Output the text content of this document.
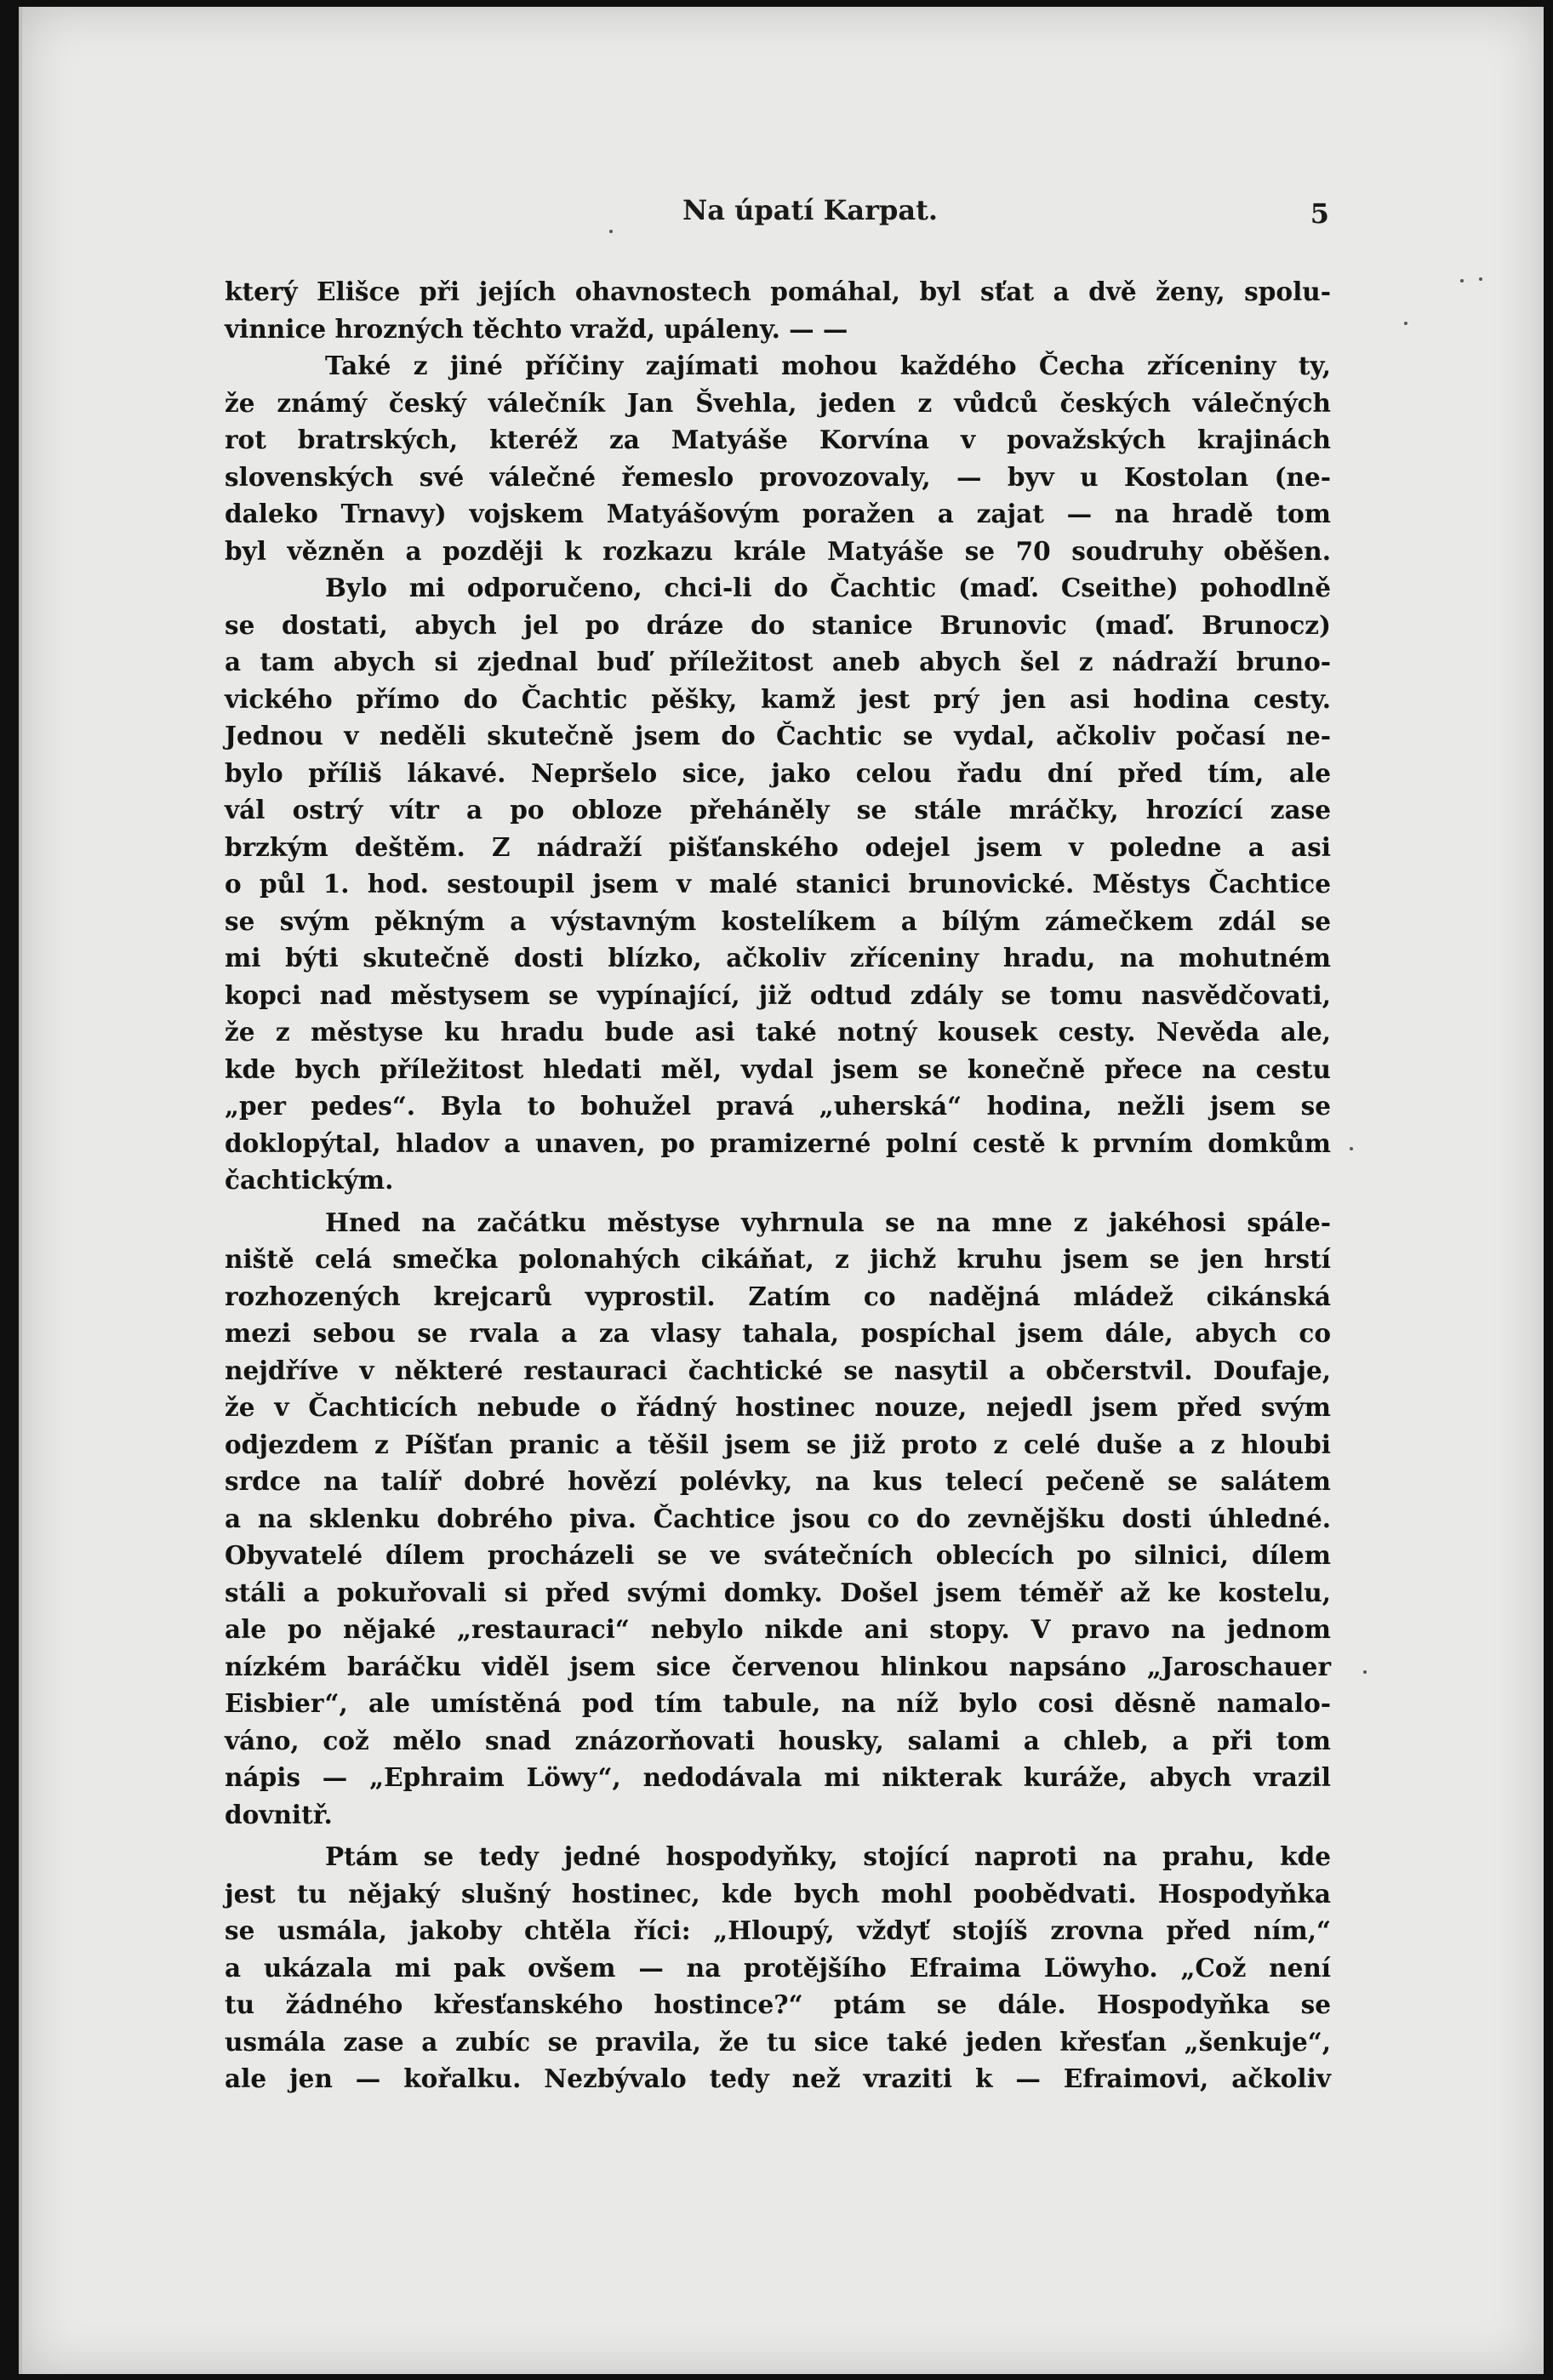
Na úpatí Karpat.	5
který Elišce při jejích ohavnostech pomáhal, byl sťat a dvě ženy, spolu-
vinnice hrozných těchto vražd, upáleny. — —
Také z jiné příčiny zajímati mohou každého Čecha zříceniny ty,
že známý český válečník Jan Švehla, jeden z vůdců českých válečných
rot bratrských, kteréž za Matyáše Korvína v považských krajinách
slovenských své válečné řemeslo provozovaly, — byv u Kostolan (ne-
daleko Trnavy) vojskem Matyášovým poražen a zajat — na hradě tom
byl vězněn a později k rozkazu krále Matyáše se 70 soudruhy oběšen.
Bylo mi odporučeno, chci-li do Čachtic (maď. Cseithe) pohodlně
se dostati, abych jel po dráze do stanice Brunovic (maď. Brunocz)
a tam abych si zjednal buď příležitost aneb abych šel z nádraží bruno-
vického přímo do Čachtic pěšky, kamž jest prý jen asi hodina cesty.
Jednou v neděli skutečně jsem do Čachtic se vydal, ačkoliv počasí ne-
bylo příliš lákavé. Nepršelo sice, jako celou řadu dní před tím, ale
vál ostrý vítr a po obloze přeháněly se stále mráčky, hrozící zase
brzkým deštěm. Z nádraží pišťanského odejel jsem v poledne a asi
o půl 1. hod. sestoupil jsem v malé stanici brunovické. Městys Čachtice
se svým pěkným a výstavným kostelíkem a bílým zámečkem zdál se
mi býti skutečně dosti blízko, ačkoliv zříceniny hradu, na mohutném
kopci nad městysem se vypínající, již odtud zdály se tomu nasvědčovati,
že z městyse ku hradu bude asi také notný kousek cesty. Nevěda ale,
kde bych příležitost hledati měl, vydal jsem se konečně přece na cestu
„per pedes“. Byla to bohužel pravá „uherská“ hodina, nežli jsem se
doklopýtal, hladov a unaven, po pramizerné polní cestě k prvním domkům
čachtickým.
Hned na začátku městyse vyhrnula se na mne z jakéhosi spále-
niště celá smečka polonahých cikáňat, z jichž kruhu jsem se jen hrstí
rozhozených krejcarů vyprostil. Zatím co nadějná mládež cikánská
mezi sebou se rvala a za vlasy tahala, pospíchal jsem dále, abych co
nejdříve v některé restauraci čachtické se nasytil a občerstvil. Doufaje,
že v Čachticích nebude o řádný hostinec nouze, nejedl jsem před svým
odjezdem z Píšťan pranic a těšil jsem se již proto z celé duše a z hloubi
srdce na talíř dobré hovězí polévky, na kus telecí pečeně se salátem
a na sklenku dobrého piva. Čachtice jsou co do zevnějšku dosti úhledné.
Obyvatelé dílem procházeli se ve svátečních oblecích po silnici, dílem
stáli a pokuřovali si před svými domky. Došel jsem téměř až ke kostelu,
ale po nějaké „restauraci“ nebylo nikde ani stopy. V pravo na jednom
nízkém baráčku viděl jsem sice červenou hlinkou napsáno „Jaroschauer
Eisbier“, ale umístěná pod tím tabule, na níž bylo cosi děsně namalo-
váno, což mělo snad znázorňovati housky, salami a chleb, a při tom
nápis — „Ephraim Löwy“, nedodávala mi nikterak kuráže, abych vrazil
dovnitř.
Ptám se tedy jedné hospodyňky, stojící naproti na prahu, kde
jest tu nějaký slušný hostinec, kde bych mohl poobědvati. Hospodyňka
se usmála, jakoby chtěla říci: „Hloupý, vždyť stojíš zrovna před ním,“
a ukázala mi pak ovšem — na protějšího Efraima Löwyho. „Což není
tu žádného křesťanského hostince?“ ptám se dále. Hospodyňka se
usmála zase a zubíc se pravila, že tu sice také jeden křesťan „šenkuje“,
ale jen — kořalku. Nezbývalo tedy než vraziti k — Efraimovi, ačkoliv
